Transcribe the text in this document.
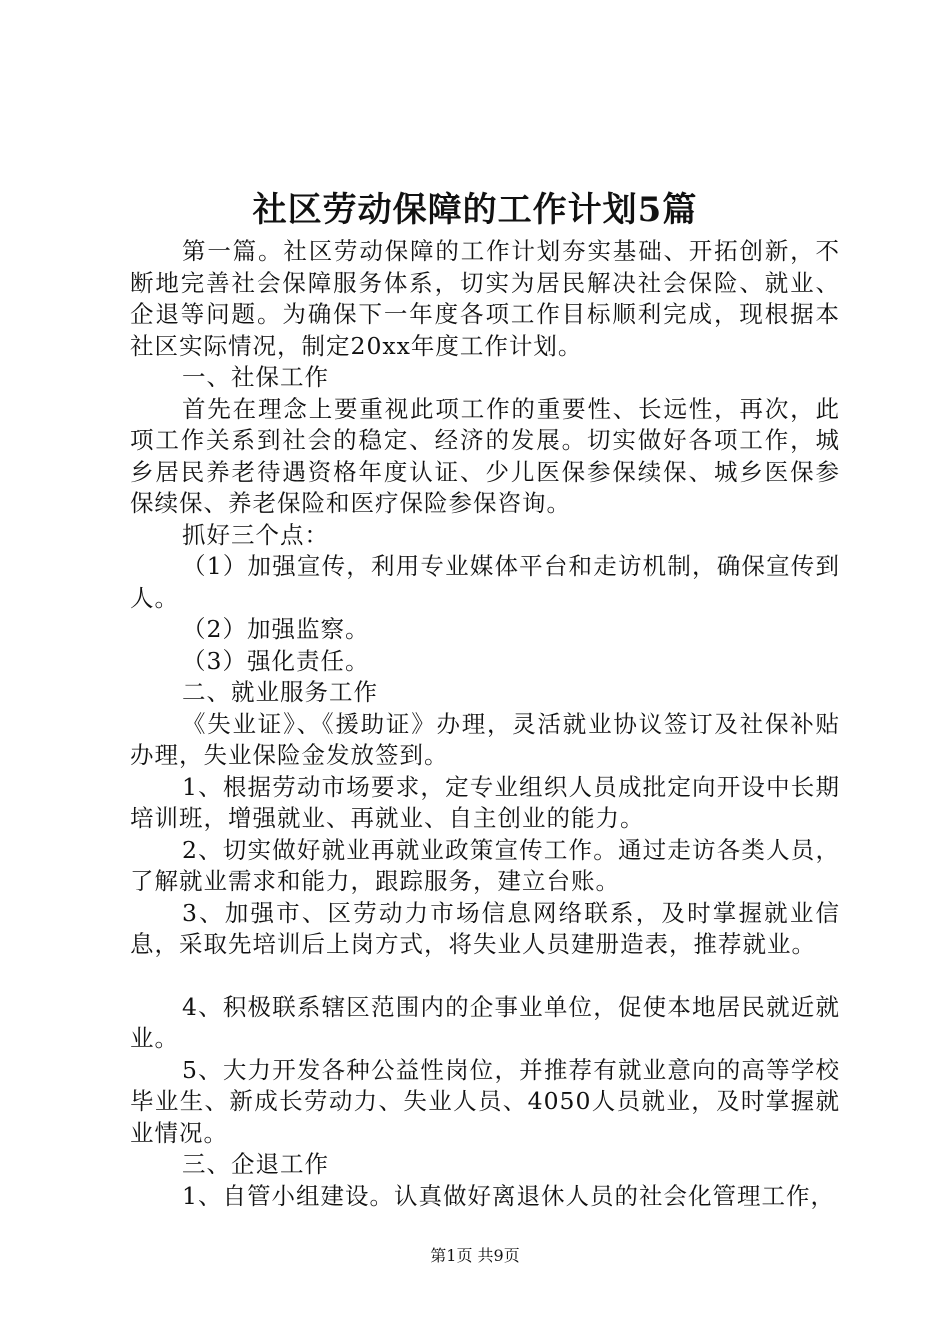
社区劳动保障的工作计划5篇

第一篇。社区劳动保障的工作计划夯实基础、开拓创新，不断地完善社会保障服务体系，切实为居民解决社会保险、就业、企退等问题。为确保下一年度各项工作目标顺利完成，现根据本社区实际情况，制定20xx年度工作计划。

一、社保工作

首先在理念上要重视此项工作的重要性、长远性，再次，此项工作关系到社会的稳定、经济的发展。切实做好各项工作，城乡居民养老待遇资格年度认证、少儿医保参保续保、城乡医保参保续保、养老保险和医疗保险参保咨询。

抓好三个点：

（1）加强宣传，利用专业媒体平台和走访机制，确保宣传到人。

（2）加强监察。

（3）强化责任。

二、就业服务工作

《失业证》、《援助证》办理，灵活就业协议签订及社保补贴办理，失业保险金发放签到。

1、根据劳动市场要求，定专业组织人员成批定向开设中长期培训班，增强就业、再就业、自主创业的能力。

2、切实做好就业再就业政策宣传工作。通过走访各类人员，了解就业需求和能力，跟踪服务，建立台账。

3、加强市、区劳动力市场信息网络联系，及时掌握就业信息，采取先培训后上岗方式，将失业人员建册造表，推荐就业。

4、积极联系辖区范围内的企事业单位，促使本地居民就近就业。

5、大力开发各种公益性岗位，并推荐有就业意向的高等学校毕业生、新成长劳动力、失业人员、4050人员就业，及时掌握就业情况。

三、企退工作

1、自管小组建设。认真做好离退休人员的社会化管理工作，

第1页 共9页
